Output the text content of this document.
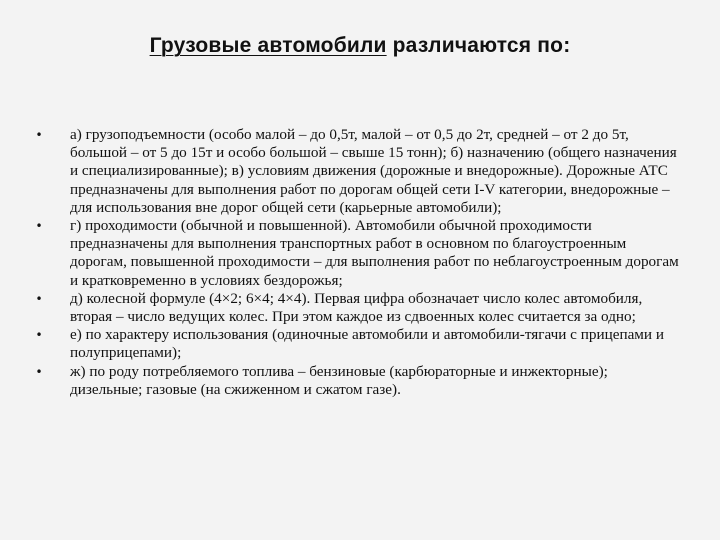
Грузовые автомобили различаются по:
• а) грузоподъемности (особо малой – до 0,5т, малой – от 0,5 до 2т, средней – от 2 до 5т, большой – от 5 до 15т и особо большой – свыше 15 тонн); б) назначению (общего назначения и специализированные); в) условиям движения (дорожные и внедорожные). Дорожные АТС предназначены для выполнения работ по дорогам общей сети I-V категории, внедорожные – для использования вне дорог общей сети (карьерные автомобили);
• г) проходимости (обычной и повышенной). Автомобили обычной проходимости предназначены для выполнения транспортных работ в основном по благоустроенным дорогам, повышенной проходимости – для выполнения работ по неблагоустроенным дорогам и кратковременно в условиях бездорожья;
• д) колесной формуле (4×2; 6×4; 4×4). Первая цифра обозначает число колес автомобиля, вторая – число ведущих колес. При этом каждое из сдвоенных колес считается за одно;
• е) по характеру использования (одиночные автомобили и автомобили-тягачи с прицепами и полуприцепами);
• ж) по роду потребляемого топлива – бензиновые (карбюраторные и инжекторные); дизельные; газовые (на сжиженном и сжатом газе).
